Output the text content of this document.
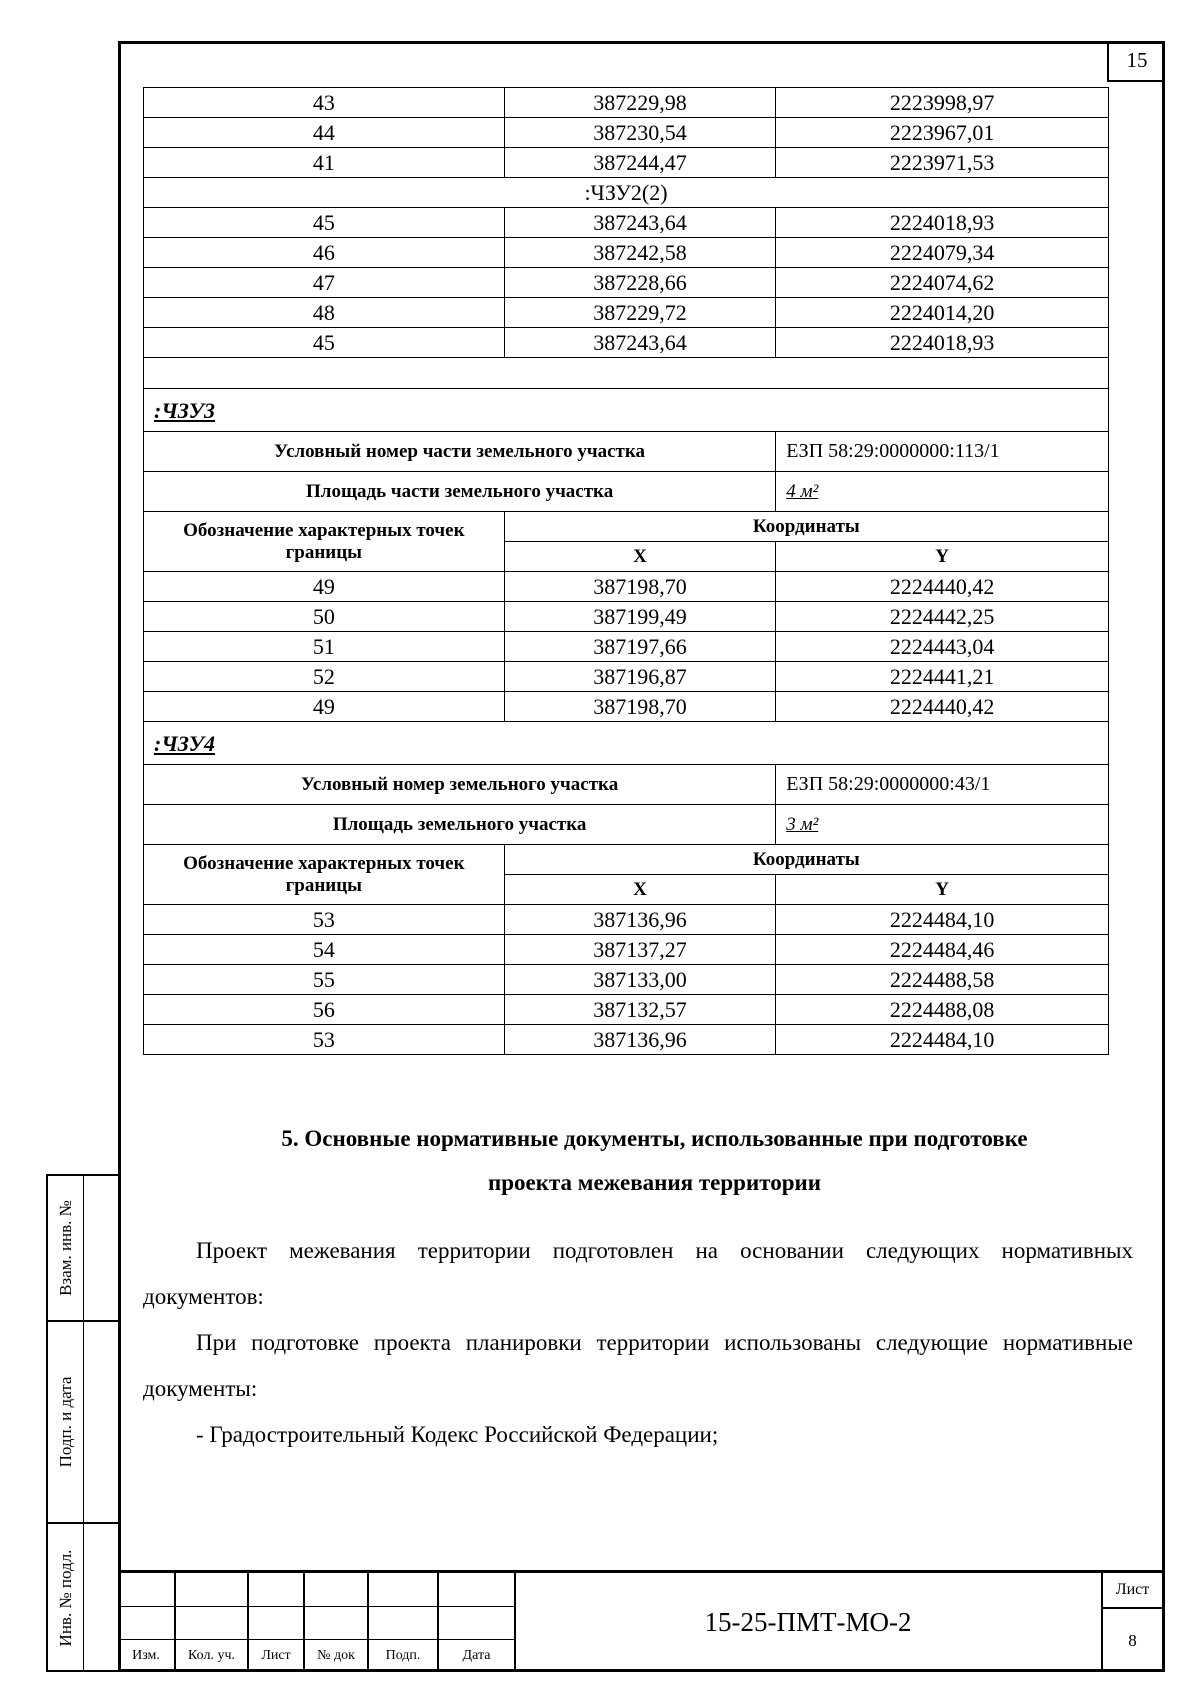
15
43	387229,98	2223998,97
44	387230,54	2223967,01
41	387244,47	2223971,53
:ЧЗУ2(2)		
45	387243,64	2224018,93
46	387242,58	2224079,34
47	387228,66	2224074,62
48	387229,72	2224014,20
45	387243,64	2224018,93

:ЧЗУ3		
Условный номер части земельного участка		ЕЗП 58:29:0000000:113/1
Площадь части земельного участка		4 м²
Обозначение характерных точек границы	Координаты	
	X	Y
49	387198,70	2224440,42
50	387199,49	2224442,25
51	387197,66	2224443,04
52	387196,87	2224441,21
49	387198,70	2224440,42
:ЧЗУ4		
Условный номер земельного участка		ЕЗП 58:29:0000000:43/1
Площадь земельного участка		3 м²
Обозначение характерных точек границы	Координаты	
	X	Y
53	387136,96	2224484,10
54	387137,27	2224484,46
55	387133,00	2224488,58
56	387132,57	2224488,08
53	387136,96	2224484,10
5. Основные нормативные документы, использованные при подготовке
проекта межевания территории
Проект межевания территории подготовлен на основании следующих нормативных документов:
При подготовке проекта планировки территории использованы следующие нормативные документы:
- Градостроительный Кодекс Российской Федерации;
Взам. инв. №
Подп. и дата
Инв. № подл.

Изм.	Кол. уч.	Лист	№ док	Подп.	Дата
15-25-ПМТ-МО-2
Лист
8
